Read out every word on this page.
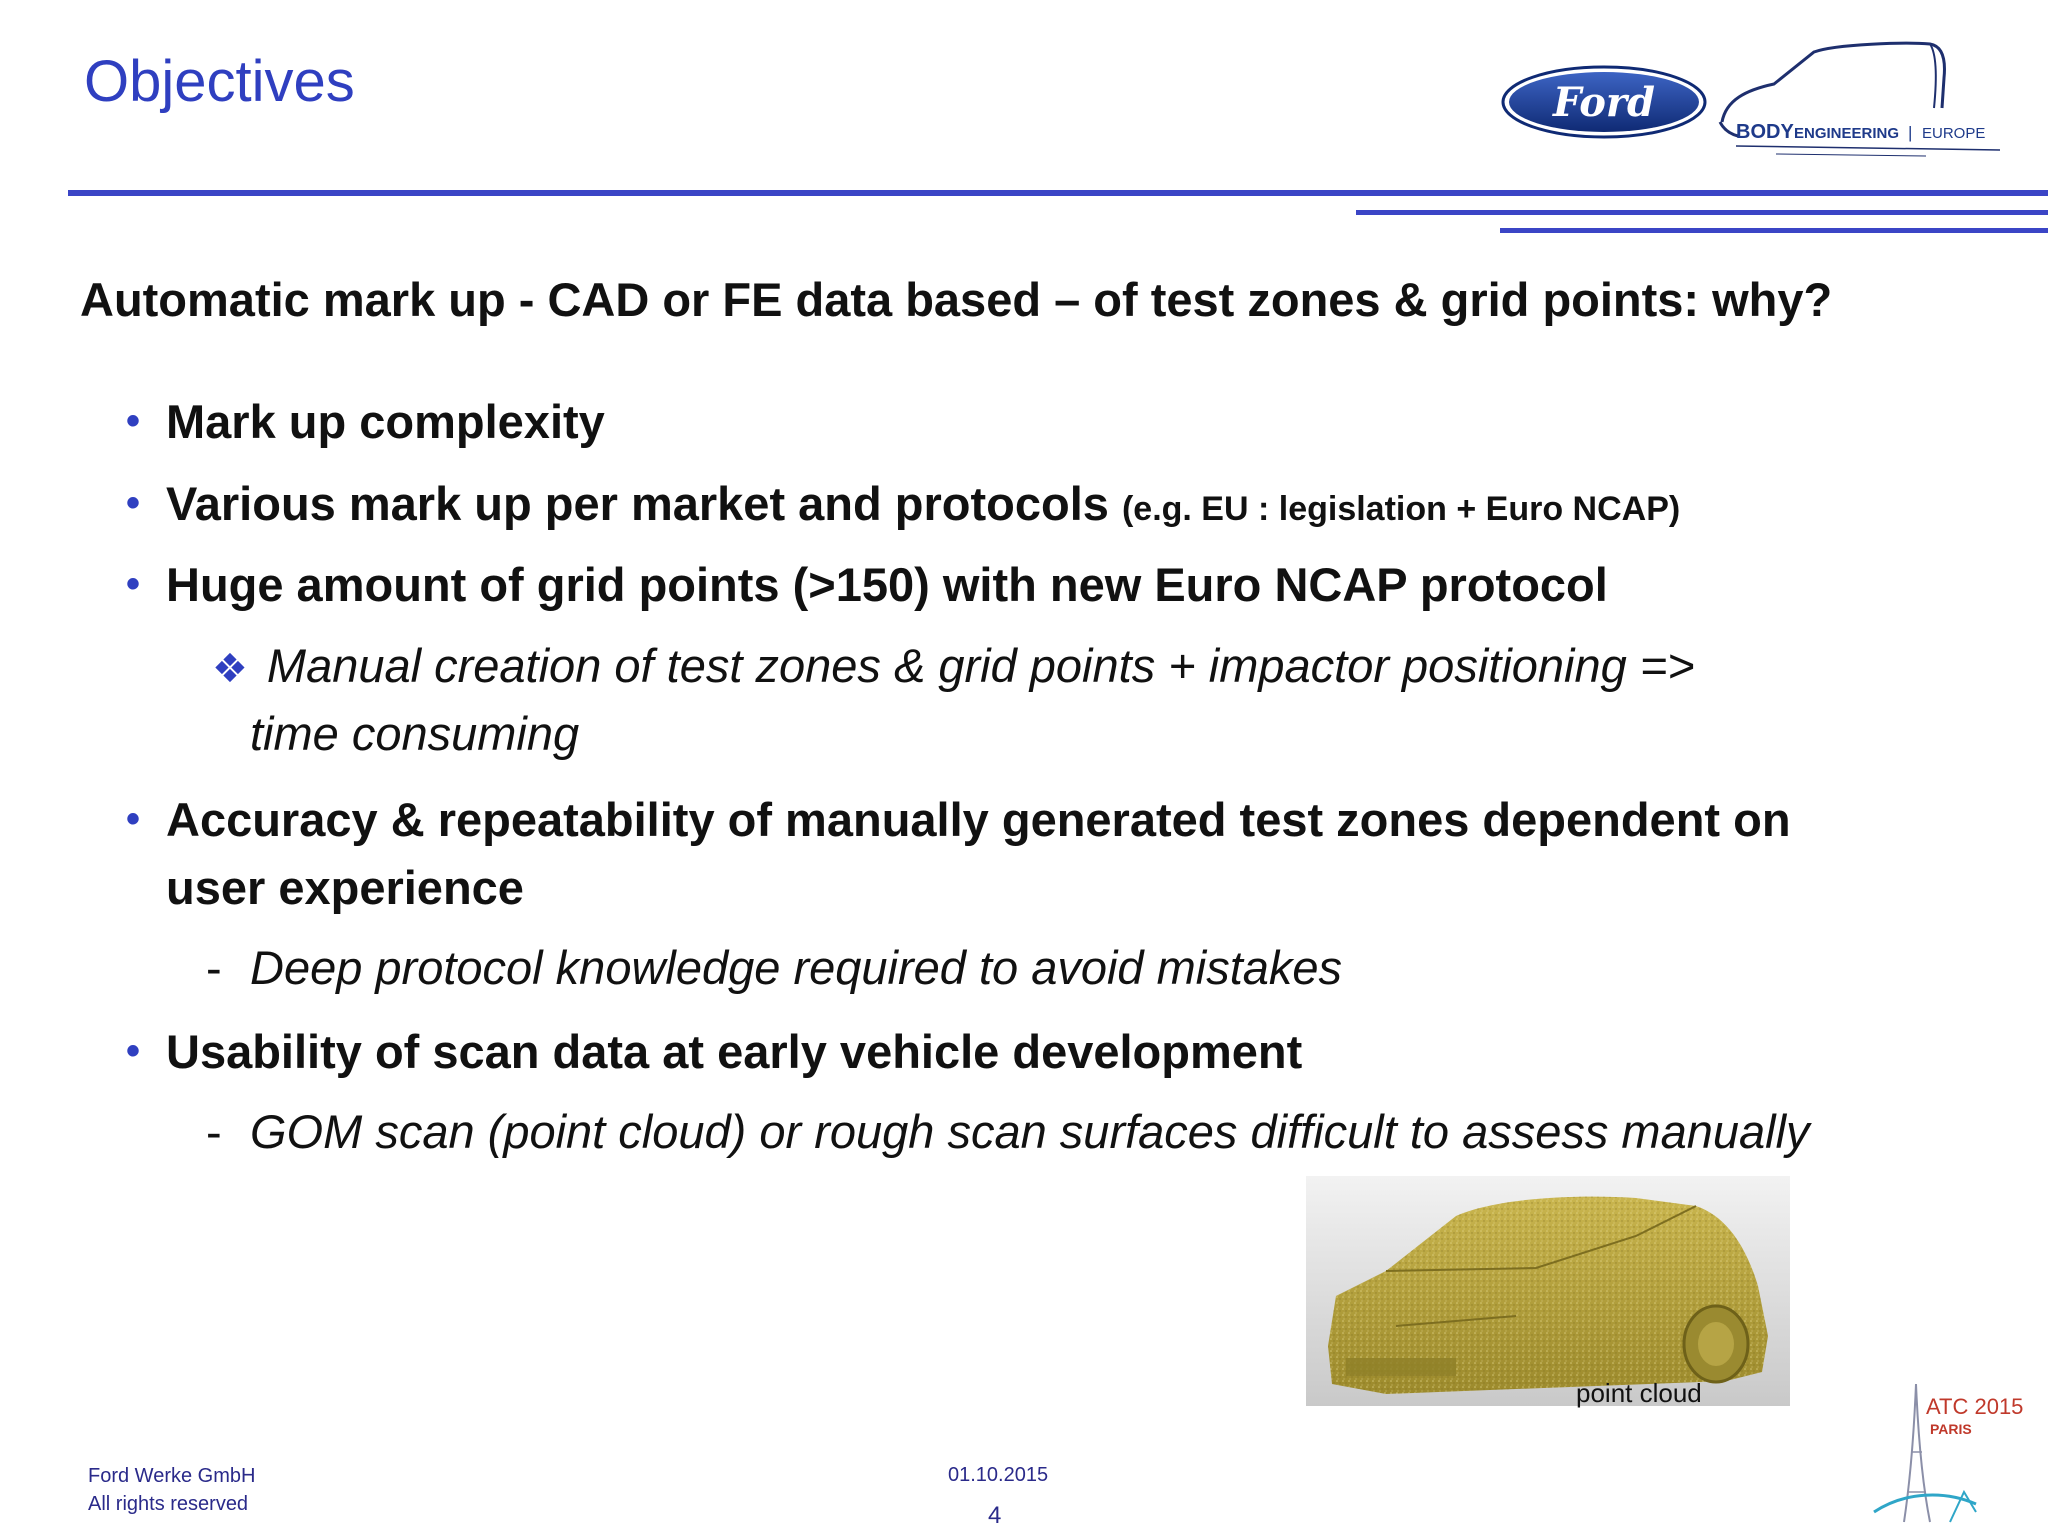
Objectives	Ford
BODY ENGINEERING | EUROPE
Automatic mark up - CAD or FE data based – of test zones & grid points: why?
• Mark up complexity
• Various mark up per market and protocols (e.g. EU : legislation + Euro NCAP)
• Huge amount of grid points (>150) with new Euro NCAP protocol
❖ Manual creation of test zones & grid points + impactor positioning =>
time consuming
• Accuracy & repeatability of manually generated test zones dependent on
user experience
- Deep protocol knowledge required to avoid mistakes
• Usability of scan data at early vehicle development
- GOM scan (point cloud) or rough scan surfaces difficult to assess manually
point cloud
Ford Werke GmbH
All rights reserved
01.10.2015
4
ATC 2015
PARIS
